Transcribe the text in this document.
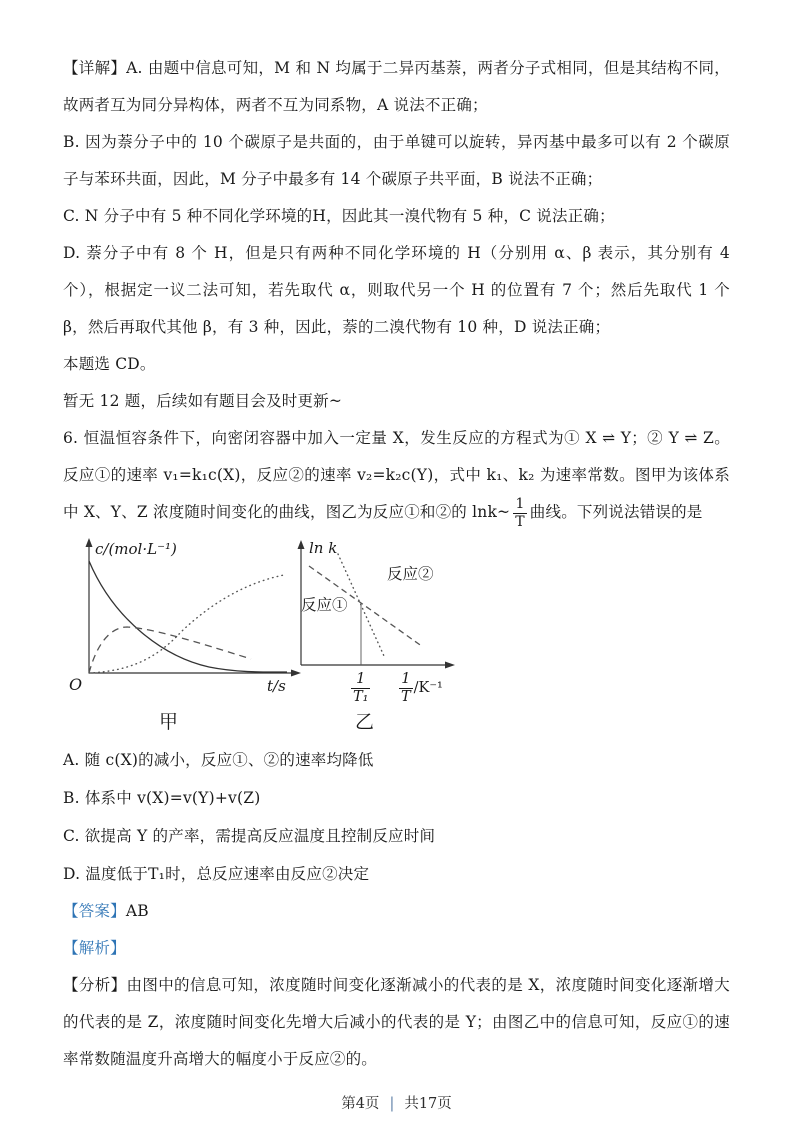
【详解】A. 由题中信息可知，M 和 N 均属于二异丙基萘，两者分子式相同，但是其结构不同，故两者互为同分异构体，两者不互为同系物，A 说法不正确；

B. 因为萘分子中的 10 个碳原子是共面的，由于单键可以旋转，异丙基中最多可以有 2 个碳原子与苯环共面，因此，M 分子中最多有 14 个碳原子共平面，B 说法不正确；

C. N 分子中有 5 种不同化学环境的H，因此其一溴代物有 5 种，C 说法正确；

D. 萘分子中有 8 个 H，但是只有两种不同化学环境的 H（分别用 α、β 表示，其分别有 4 个），根据定一议二法可知，若先取代 α，则取代另一个 H 的位置有 7 个；然后先取代 1 个 β，然后再取代其他 β，有 3 种，因此，萘的二溴代物有 10 种，D 说法正确；

本题选 CD。

暂无 12 题，后续如有题目会及时更新~

6. 恒温恒容条件下，向密闭容器中加入一定量 X，发生反应的方程式为① X ⇌ Y；② Y ⇌ Z。反应①的速率 v₁=k₁c(X)，反应②的速率 v₂=k₂c(Y)，式中 k₁、k₂ 为速率常数。图甲为该体系中 X、Y、Z 浓度随时间变化的曲线，图乙为反应①和②的 lnk~ $\frac{1}{T}$ 曲线。下列说法错误的是

c/(mol·L⁻¹)
O	t/s
ln k
反应①
反应②
$\frac{1}{\text{T₁}} \frac{1}{T} /K^{-1}$
甲	乙

A. 随 c(X)的减小，反应①、②的速率均降低

B. 体系中 v(X)=v(Y)+v(Z)

C. 欲提高 Y 的产率，需提高反应温度且控制反应时间

D. 温度低于T₁时，总反应速率由反应②决定

【答案】AB

【解析】

【分析】由图中的信息可知，浓度随时间变化逐渐减小的代表的是 X，浓度随时间变化逐渐增大的代表的是 Z，浓度随时间变化先增大后减小的代表的是 Y；由图乙中的信息可知，反应①的速率常数随温度升高增大的幅度小于反应②的。

第4页 | 共17页
